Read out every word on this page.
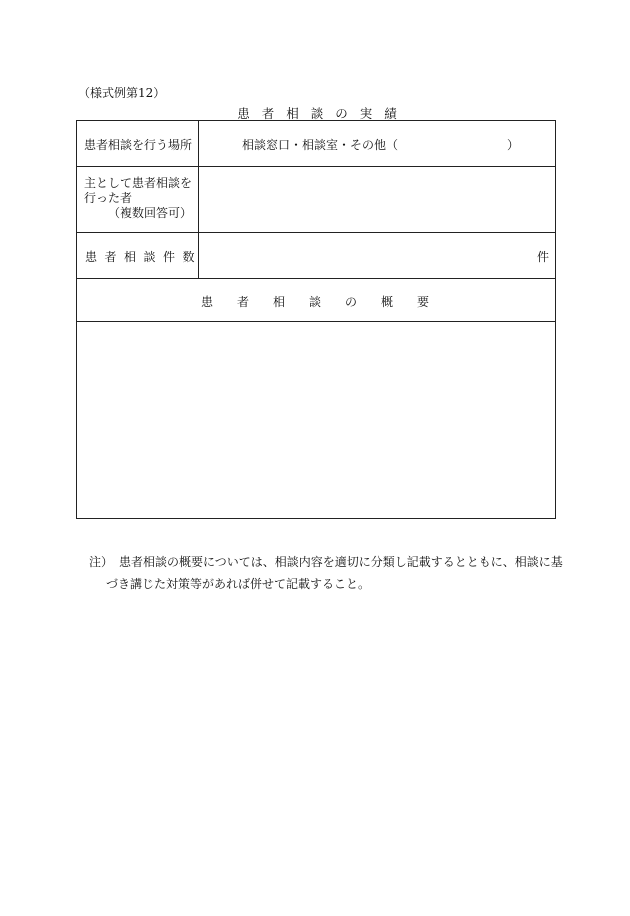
（様式例第12）
患者相談の実績
患者相談を行う場所	相談窓口・相談室・その他（	）
主として患者相談を
行った者
（複数回答可）
患者相談件数	件
患者相談の概要
注）　患者相談の概要については、相談内容を適切に分類し記載するとともに、相談に基
づき講じた対策等があれば併せて記載すること。
